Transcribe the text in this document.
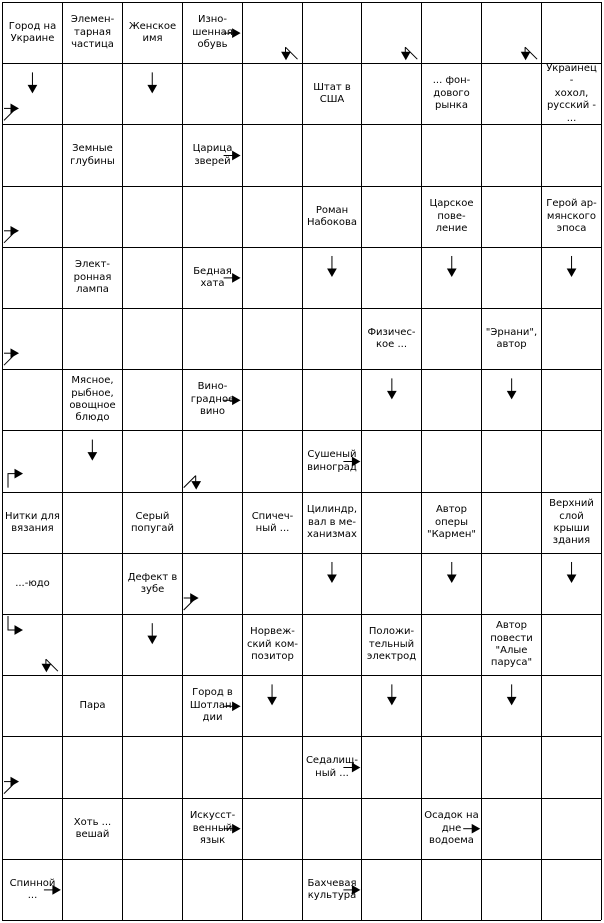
Город на
Украине
Элемен-
тарная
частица
Женское
имя
Изно-
шенная
обувь
Штат в
США
... фон-
дового
рынка
Украинец -
хохол,
русский -
...
Земные
глубины
Царица
зверей
Роман
Набокова
Царское
пове-
ление
Герой ар-
мянского
эпоса
Элект-
ронная
лампа
Бедная
хата
Физичес-
кое ...
"Эрнани",
автор
Мясное,
рыбное,
овощное
блюдо
Вино-
градное
вино
Сушеный
виноград
Нитки для
вязания
Серый
попугай
Спичеч-
ный ...
Цилиндр,
вал в ме-
ханизмах
Автор
оперы
"Кармен"
Верхний
слой
крыши
здания
...-юдо
Дефект в
зубе
Норвеж-
ский ком-
позитор
Положи-
тельный
электрод
Автор
повести
"Алые
паруса"
Пара
Город в
Шотлан-
дии
Седалищ-
ный ...
Хоть ...
вешай
Искусст-
венный
язык
Осадок на
дне
водоема
Спинной ...
Бахчевая
культура
